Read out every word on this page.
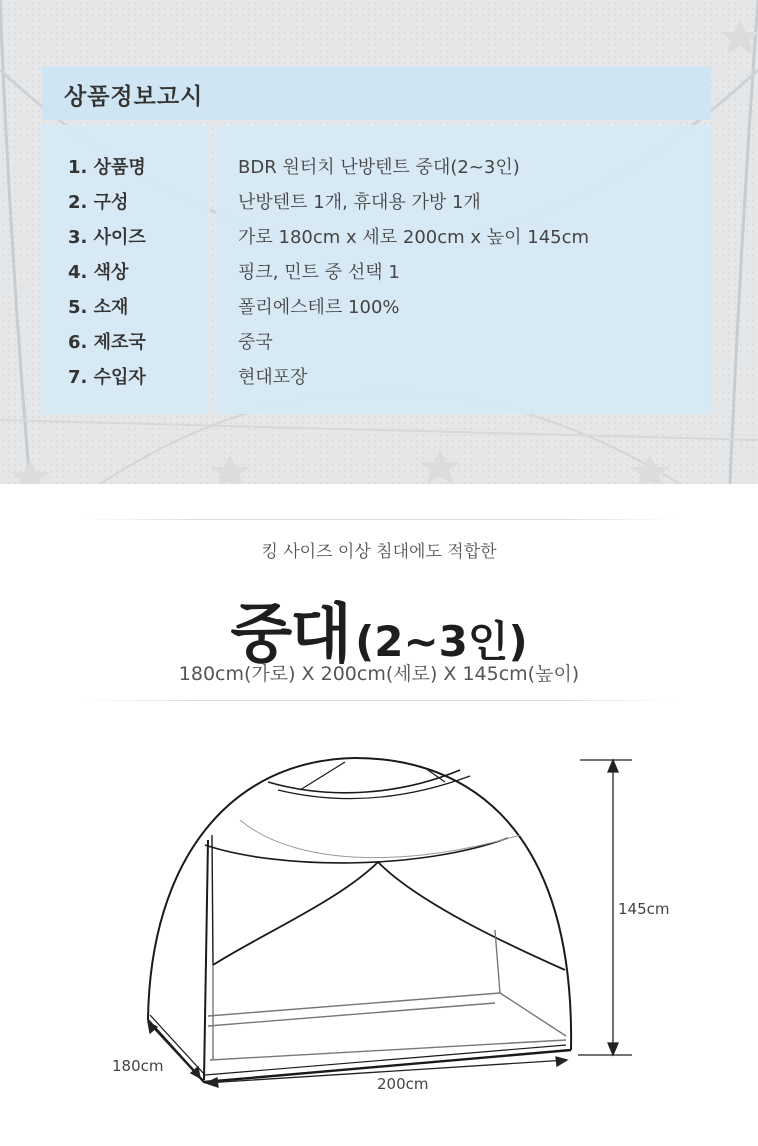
상품정보고시
1. 상품명
2. 구성
3. 사이즈
4. 색상
5. 소재
6. 제조국
7. 수입자
BDR 원터치 난방텐트 중대(2~3인)
난방텐트 1개, 휴대용 가방 1개
가로 180cm x 세로 200cm x 높이 145cm
핑크, 민트 중 선택 1
폴리에스테르 100%
중국
현대포장
킹 사이즈 이상 침대에도 적합한
중대 (2~3인)
180cm(가로) X 200cm(세로) X 145cm(높이)
145cm
180cm
200cm
